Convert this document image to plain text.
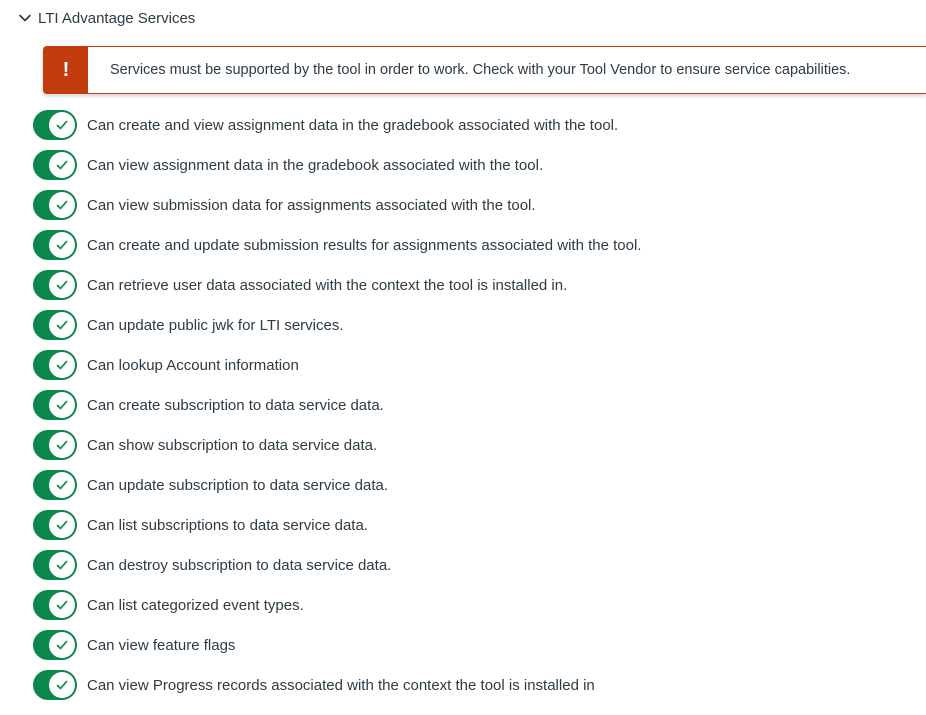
LTI Advantage Services
!	Services must be supported by the tool in order to work. Check with your Tool Vendor to ensure service capabilities.
Can create and view assignment data in the gradebook associated with the tool.
Can view assignment data in the gradebook associated with the tool.
Can view submission data for assignments associated with the tool.
Can create and update submission results for assignments associated with the tool.
Can retrieve user data associated with the context the tool is installed in.
Can update public jwk for LTI services.
Can lookup Account information
Can create subscription to data service data.
Can show subscription to data service data.
Can update subscription to data service data.
Can list subscriptions to data service data.
Can destroy subscription to data service data.
Can list categorized event types.
Can view feature flags
Can view Progress records associated with the context the tool is installed in
